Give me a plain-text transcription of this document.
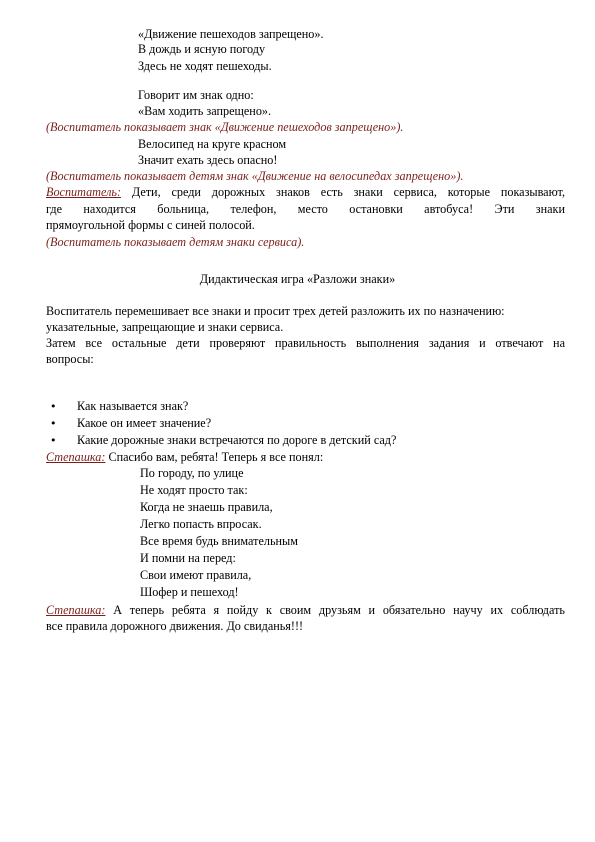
«Движение пешеходов запрещено».
В дождь и ясную погоду
Здесь не ходят пешеходы.
Говорит им знак одно:
«Вам ходить запрещено».
(Воспитатель показывает знак «Движение пешеходов запрещено»).
Велосипед на круге красном
Значит ехать здесь опасно!
(Воспитатель показывает детям знак «Движение на велосипедах запрещено»).
Воспитатель: Дети, среди дорожных знаков есть знаки сервиса, которые показывают,
где находится больница, телефон, место остановки автобуса! Эти знаки
прямоугольной формы с синей полосой.
(Воспитатель показывает детям знаки сервиса).
Дидактическая игра «Разложи знаки»
Воспитатель перемешивает все знаки и просит трех детей разложить их по назначению:
указательные, запрещающие и знаки сервиса.
Затем все остальные дети проверяют правильность выполнения задания и отвечают на
вопросы:
• Как называется знак?
• Какое он имеет значение?
• Какие дорожные знаки встречаются по дороге в детский сад?
Степашка: Спасибо вам, ребята! Теперь я все понял:
По городу, по улице
Не ходят просто так:
Когда не знаешь правила,
Легко попасть впросак.
Все время будь внимательным
И помни на перед:
Свои имеют правила,
Шофер и пешеход!
Степашка: А теперь ребята я пойду к своим друзьям и обязательно научу их соблюдать
все правила дорожного движения. До свиданья!!!
